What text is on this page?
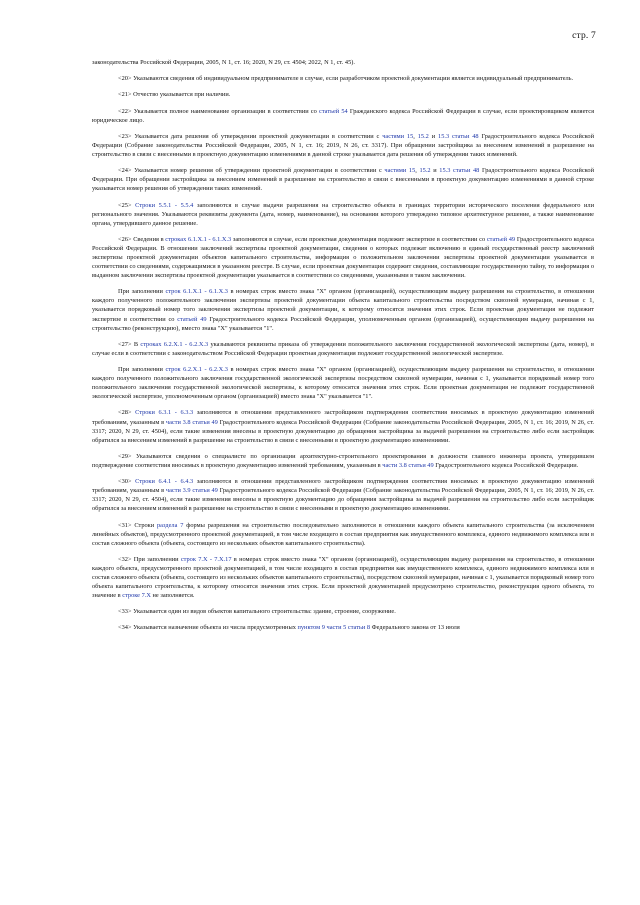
стр. 7

законодательства Российской Федерации, 2005, N 1, ст. 16; 2020, N 29, ст. 4504; 2022, N 1, ст. 45).

<20> Указываются сведения об индивидуальном предпринимателе в случае, если разработчиком проектной документации является индивидуальный предприниматель.

<21> Отчество указывается при наличии.

<22> Указывается полное наименование организации в соответствии со статьей 54 Гражданского кодекса Российской Федерации в случае, если проектировщиком является юридическое лицо.

<23> Указывается дата решения об утверждении проектной документации в соответствии с частями 15, 15.2 и 15.3 статьи 48 Градостроительного кодекса Российской Федерации (Собрание законодательства Российской Федерации, 2005, N 1, ст. 16; 2019, N 26, ст. 3317). При обращении застройщика за внесением изменений в разрешение на строительство в связи с внесенными в проектную документацию изменениями в данной строке указывается дата решения об утверждении таких изменений.

<24> Указывается номер решения об утверждении проектной документации в соответствии с частями 15, 15.2 и 15.3 статьи 48 Градостроительного кодекса Российской Федерации. При обращении застройщика за внесением изменений в разрешение на строительство в связи с внесенными в проектную документацию изменениями в данной строке указывается номер решения об утверждении таких изменений.

<25> Строки 5.5.1 - 5.5.4 заполняются в случае выдачи разрешения на строительство объекта в границах территории исторического поселения федерального или регионального значения. Указываются реквизиты документа (дата, номер, наименование), на основании которого утверждено типовое архитектурное решение, а также наименование органа, утвердившего данное решение.

<26> Сведения в строках 6.1.X.1 - 6.1.X.3 заполняются в случае, если проектная документация подлежит экспертизе в соответствии со статьей 49 Градостроительного кодекса Российской Федерации. В отношении заключений экспертизы проектной документации, сведения о которых подлежат включению в единый государственный реестр заключений экспертизы проектной документации объектов капитального строительства, информация о положительном заключении экспертизы проектной документации указывается в соответствии со сведениями, содержащимися в указанном реестре. В случае, если проектная документация содержит сведения, составляющие государственную тайну, то информация о выданном заключении экспертизы проектной документации указывается в соответствии со сведениями, указанными в таком заключении.

При заполнении строк 6.1.X.1 - 6.1.X.3 в номерах строк вместо знака "X" органом (организацией), осуществляющим выдачу разрешения на строительство, в отношении каждого полученного положительного заключения экспертизы проектной документации объекта капитального строительства посредством сквозной нумерации, начиная с 1, указывается порядковый номер того заключения экспертизы проектной документации, к которому относятся значения этих строк. Если проектная документация не подлежит экспертизе в соответствии со статьей 49 Градостроительного кодекса Российской Федерации, уполномоченным органом (организацией), осуществляющим выдачу разрешения на строительство (реконструкцию), вместо знака "X" указывается "1".

<27> В строках 6.2.X.1 - 6.2.X.3 указываются реквизиты приказа об утверждении положительного заключения государственной экологической экспертизы (дата, номер), в случае если в соответствии с законодательством Российской Федерации проектная документация подлежит государственной экологической экспертизе.

При заполнении строк 6.2.X.1 - 6.2.X.3 в номерах строк вместо знака "X" органом (организацией), осуществляющим выдачу разрешения на строительство, в отношении каждого полученного положительного заключения государственной экологической экспертизы посредством сквозной нумерации, начиная с 1, указывается порядковый номер того положительного заключения государственной экологической экспертизы, к которому относятся значения этих строк. Если проектная документация не подлежит государственной экологической экспертизе, уполномоченным органом (организацией) вместо знака "X" указывается "1".

<28> Строки 6.3.1 - 6.3.3 заполняются в отношении представленного застройщиком подтверждения соответствия вносимых в проектную документацию изменений требованиям, указанным в части 3.8 статьи 49 Градостроительного кодекса Российской Федерации (Собрание законодательства Российской Федерации, 2005, N 1, ст. 16; 2019, N 26, ст. 3317; 2020, N 29, ст. 4504), если такие изменения внесены в проектную документацию до обращения застройщика за выдачей разрешения на строительство либо если застройщик обратился за внесением изменений в разрешение на строительство в связи с внесенными в проектную документацию изменениями.

<29> Указываются сведения о специалисте по организации архитектурно-строительного проектирования в должности главного инженера проекта, утвердившем подтверждение соответствия вносимых в проектную документацию изменений требованиям, указанным в части 3.8 статьи 49 Градостроительного кодекса Российской Федерации.

<30> Строки 6.4.1 - 6.4.3 заполняются в отношении представленного застройщиком подтверждения соответствия вносимых в проектную документацию изменений требованиям, указанным в части 3.9 статьи 49 Градостроительного кодекса Российской Федерации (Собрание законодательства Российской Федерации, 2005, N 1, ст. 16; 2019, N 26, ст. 3317; 2020, N 29, ст. 4504), если такие изменения внесены в проектную документацию до обращения застройщика за выдачей разрешения на строительство либо если застройщик обратился за внесением изменений в разрешение на строительство в связи с внесенными в проектную документацию изменениями.

<31> Строки раздела 7 формы разрешения на строительство последовательно заполняются в отношении каждого объекта капитального строительства (за исключением линейных объектов), предусмотренного проектной документацией, в том числе входящего в состав предприятия как имущественного комплекса, единого недвижимого комплекса или в состав сложного объекта (объекта, состоящего из нескольких объектов капитального строительства).

<32> При заполнении строк 7.X - 7.X.17 в номерах строк вместо знака "X" органом (организацией), осуществляющим выдачу разрешения на строительство, в отношении каждого объекта, предусмотренного проектной документацией, в том числе входящего в состав предприятия как имущественного комплекса, единого недвижимого комплекса или в состав сложного объекта (объекта, состоящего из нескольких объектов капитального строительства), посредством сквозной нумерации, начиная с 1, указывается порядковый номер того объекта капитального строительства, к которому относятся значения этих строк. Если проектной документацией предусмотрено строительство, реконструкция одного объекта, то значение в строке 7.X не заполняется.

<33> Указывается один из видов объектов капитального строительства: здание, строение, сооружение.

<34> Указывается назначение объекта из числа предусмотренных пунктом 9 части 5 статьи 8 Федерального закона от 13 июля
